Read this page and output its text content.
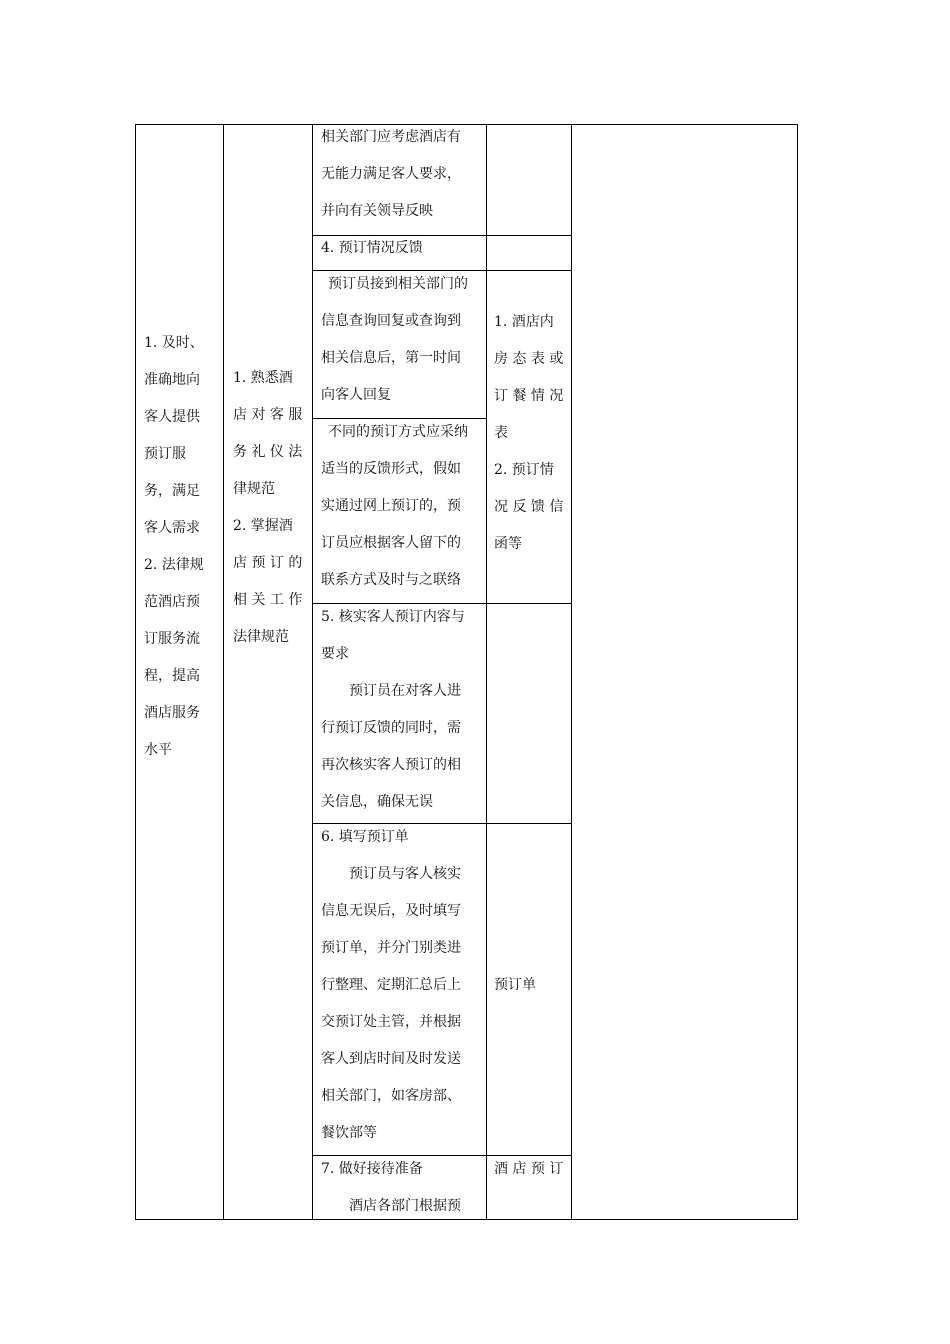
1. 及时、
准确地向
客人提供
预订服
务，满足
客人需求
2. 法律规
范酒店预
订服务流
程，提高
酒店服务
水平
1. 熟悉酒
店 对 客 服
务 礼 仪 法
律规范
2. 掌握酒
店 预 订 的
相 关 工 作
法律规范
相关部门应考虑酒店有
无能力满足客人要求，
并向有关领导反映
4. 预订情况反馈
预订员接到相关部门的
信息查询回复或查询到
相关信息后，第一时间
向客人回复
不同的预订方式应采纳
适当的反馈形式，假如
实通过网上预订的，预
订员应根据客人留下的
联系方式及时与之联络
5. 核实客人预订内容与
要求
预订员在对客人进
行预订反馈的同时，需
再次核实客人预订的相
关信息，确保无误
6. 填写预订单
预订员与客人核实
信息无误后，及时填写
预订单，并分门别类进
行整理、定期汇总后上
交预订处主管，并根据
客人到店时间及时发送
相关部门，如客房部、
餐饮部等
7. 做好接待准备
酒店各部门根据预
1. 酒店内
房 态 表 或
订 餐 情 况
表
2. 预订情
况 反 馈 信
函等
预订单
酒 店 预 订
